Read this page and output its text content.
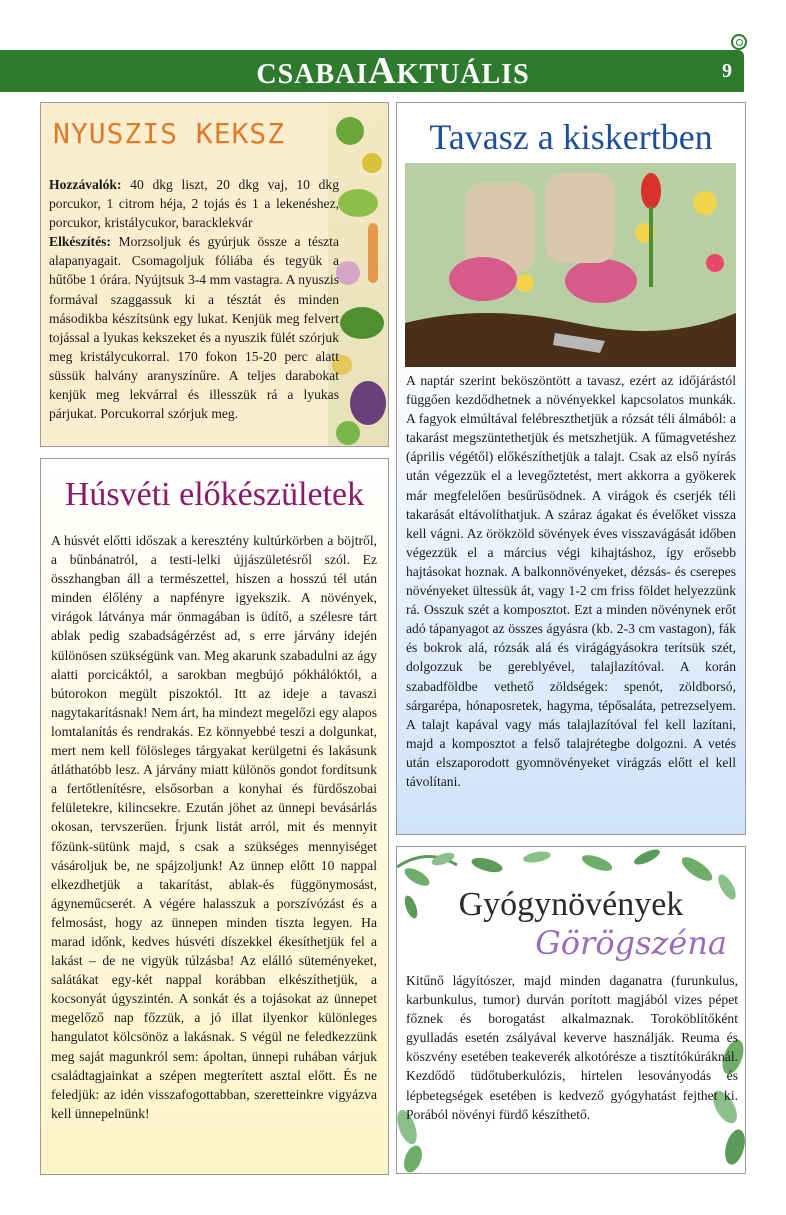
CSABAIAKTUÁLIS	9
NYUSZIS KEKSZ
Hozzávalók: 40 dkg liszt, 20 dkg vaj, 10 dkg porcukor, 1 citrom héja, 2 tojás és 1 a lekenéshez, porcukor, kristálycukor, baracklekvár
Elkészítés: Morzsoljuk és gyúrjuk össze a tészta alapanyagait. Csomagoljuk fóliába és tegyük a hűtőbe 1 órára. Nyújtsuk 3-4 mm vastagra. A nyuszis formával szaggassuk ki a tésztát és minden másodikba készítsünk egy lukat. Kenjük meg felvert tojással a lyukas kekszeket és a nyuszik fülét szórjuk meg kristálycukorral. 170 fokon 15-20 perc alatt süssük halvány aranyszínűre. A teljes darabokat kenjük meg lekvárral és illesszük rá a lyukas párjukat. Porcukorral szórjuk meg.
Húsvéti előkészületek
A húsvét előtti időszak a keresztény kultúrkörben a böjtről, a bűnbánatról, a testi-lelki újjászületésről szól. Ez összhangban áll a természettel, hiszen a hosszú tél után minden élőlény a napfényre igyekszik. A növények, virágok látványa már önmagában is üdítő, a szélesre tárt ablak pedig szabadságérzést ad, s erre járvány idején különösen szükségünk van. Meg akarunk szabadulni az ágy alatti porcicáktól, a sarokban megbújó pókhálóktól, a bútorokon megült piszoktól. Itt az ideje a tavaszi nagytakarításnak! Nem árt, ha mindezt megelőzi egy alapos lomtalanítás és rendrakás. Ez könnyebbé teszi a dolgunkat, mert nem kell fölösleges tárgyakat kerülgetni és lakásunk átláthatóbb lesz. A járvány miatt különös gondot fordítsunk a fertőtlenítésre, elsősorban a konyhai és fürdőszobai felületekre, kilincsekre. Ezután jöhet az ünnepi bevásárlás okosan, tervszerűen. Írjunk listát arról, mit és mennyit főzünk-sütünk majd, s csak a szükséges mennyiséget vásároljuk be, ne spájzoljunk! Az ünnep előtt 10 nappal elkezdhetjük a takarítást, ablak-és függönymosást, ágyneműcserét. A végére halasszuk a porszívózást és a felmosást, hogy az ünnepen minden tiszta legyen. Ha marad időnk, kedves húsvéti díszekkel ékesíthetjük fel a lakást – de ne vigyük túlzásba! Az elálló süteményeket, salátákat egy-két nappal korábban elkészíthetjük, a kocsonyát úgyszintén. A sonkát és a tojásokat az ünnepet megelőző nap főzzük, a jó illat ilyenkor különleges hangulatot kölcsönöz a lakásnak. S végül ne feledkezzünk meg saját magunkról sem: ápoltan, ünnepi ruhában várjuk családtagjainkat a szépen megterített asztal előtt. És ne feledjük: az idén visszafogottabban, szeretteinkre vigyázva kell ünnepelnünk!
Tavasz a kiskertben
A naptár szerint beköszöntött a tavasz, ezért az időjárástól függően kezdődhetnek a növényekkel kapcsolatos munkák. A fagyok elmúltával felébreszthetjük a rózsát téli álmából: a takarást megszüntethetjük és metszhetjük. A fűmagvetéshez (április végétől) előkészíthetjük a talajt. Csak az első nyírás után végezzük el a levegőztetést, mert akkorra a gyökerek már megfelelően besűrűsödnek. A virágok és cserjék téli takarását eltávolíthatjuk. A száraz ágakat és évelőket vissza kell vágni. Az örökzöld sövények éves visszavágását időben végezzük el a március végi kihajtáshoz, így erősebb hajtásokat hoznak. A balkonnövényeket, dézsás- és cserepes növényeket ültessük át, vagy 1-2 cm friss földet helyezzünk rá. Osszuk szét a komposztot. Ezt a minden növénynek erőt adó tápanyagot az összes ágyásra (kb. 2-3 cm vastagon), fák és bokrok alá, rózsák alá és virágágyásokra terítsük szét, dolgozzuk be gereblyével, talajlazítóval. A korán szabadföldbe vethető zöldségek: spenót, zöldborsó, sárgarépa, hónaposretek, hagyma, tépősaláta, petrezselyem. A talajt kapával vagy más talajlazítóval fel kell lazítani, majd a komposztot a felső talajrétegbe dolgozni. A vetés után elszaporodott gyomnövényeket virágzás előtt el kell távolítani.
Gyógynövények
Görögszéna
Kitűnő lágyítószer, majd minden daganatra (furunkulus, karbunkulus, tumor) durván porított magjából vizes pépet főznek és borogatást alkalmaznak. Toroköblítőként gyulladás esetén zsályával keverve használják. Reuma és köszvény esetében teakeverék alkotórésze a tisztítókúráknál. Kezdődő tüdőtuberkulózis, hirtelen lesoványodás és lépbetegségek esetében is kedvező gyógyhatást fejthet ki. Porából növényi fürdő készíthető.
